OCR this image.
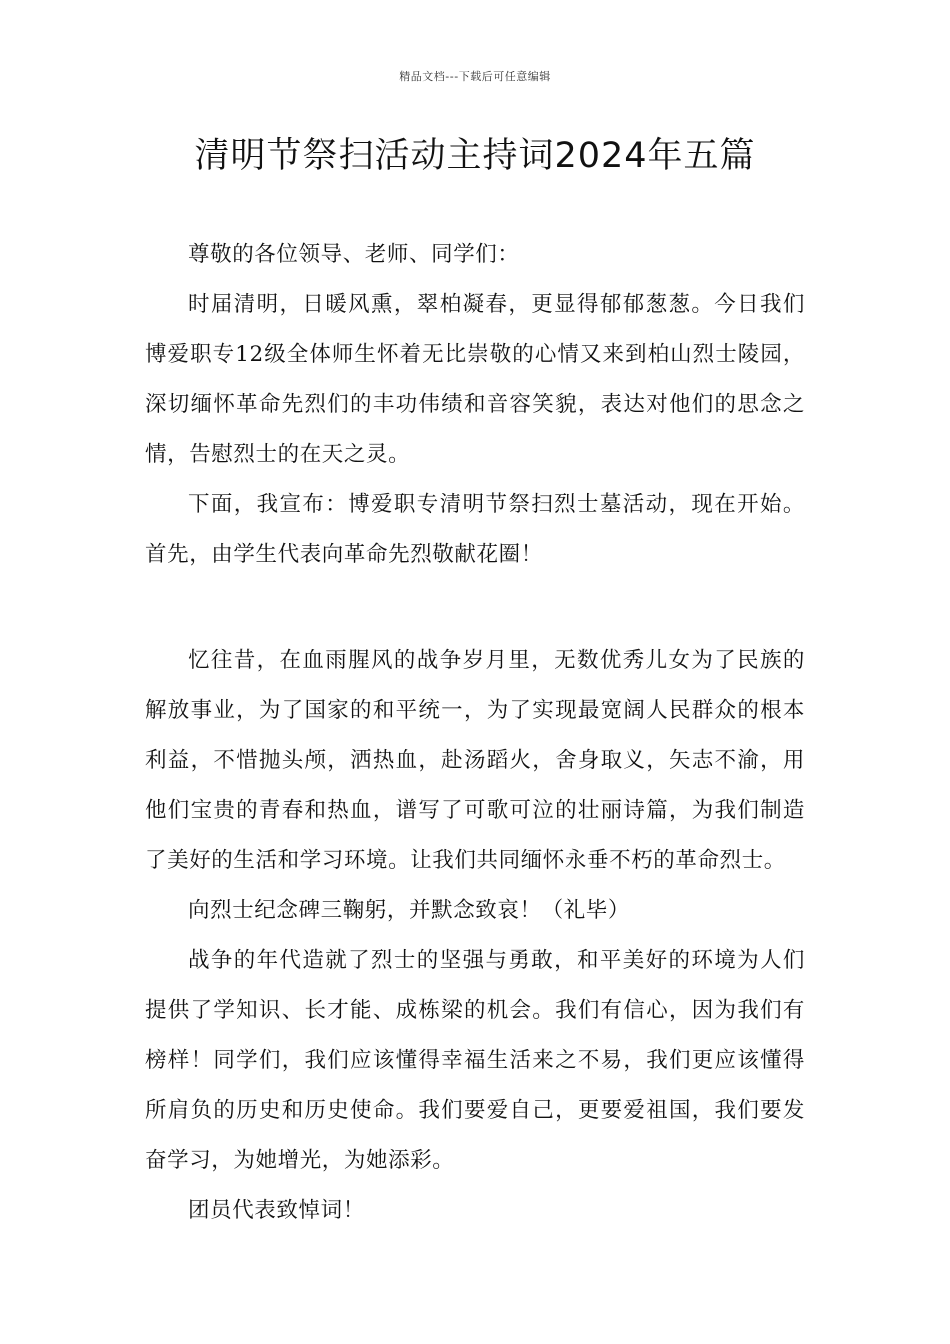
精品文档---下载后可任意编辑
清明节祭扫活动主持词2024年五篇

尊敬的各位领导、老师、同学们：

时届清明，日暖风熏，翠柏凝春，更显得郁郁葱葱。今日我们博爱职专12级全体师生怀着无比崇敬的心情又来到柏山烈士陵园，深切缅怀革命先烈们的丰功伟绩和音容笑貌，表达对他们的思念之情，告慰烈士的在天之灵。

下面，我宣布：博爱职专清明节祭扫烈士墓活动，现在开始。首先，由学生代表向革命先烈敬献花圈！

忆往昔，在血雨腥风的战争岁月里，无数优秀儿女为了民族的解放事业，为了国家的和平统一，为了实现最宽阔人民群众的根本利益，不惜抛头颅，洒热血，赴汤蹈火，舍身取义，矢志不渝，用他们宝贵的青春和热血，谱写了可歌可泣的壮丽诗篇，为我们制造了美好的生活和学习环境。让我们共同缅怀永垂不朽的革命烈士。

向烈士纪念碑三鞠躬，并默念致哀！（礼毕）

战争的年代造就了烈士的坚强与勇敢，和平美好的环境为人们提供了学知识、长才能、成栋梁的机会。我们有信心，因为我们有榜样！同学们，我们应该懂得幸福生活来之不易，我们更应该懂得所肩负的历史和历史使命。我们要爱自己，更要爱祖国，我们要发奋学习，为她增光，为她添彩。

团员代表致悼词！
